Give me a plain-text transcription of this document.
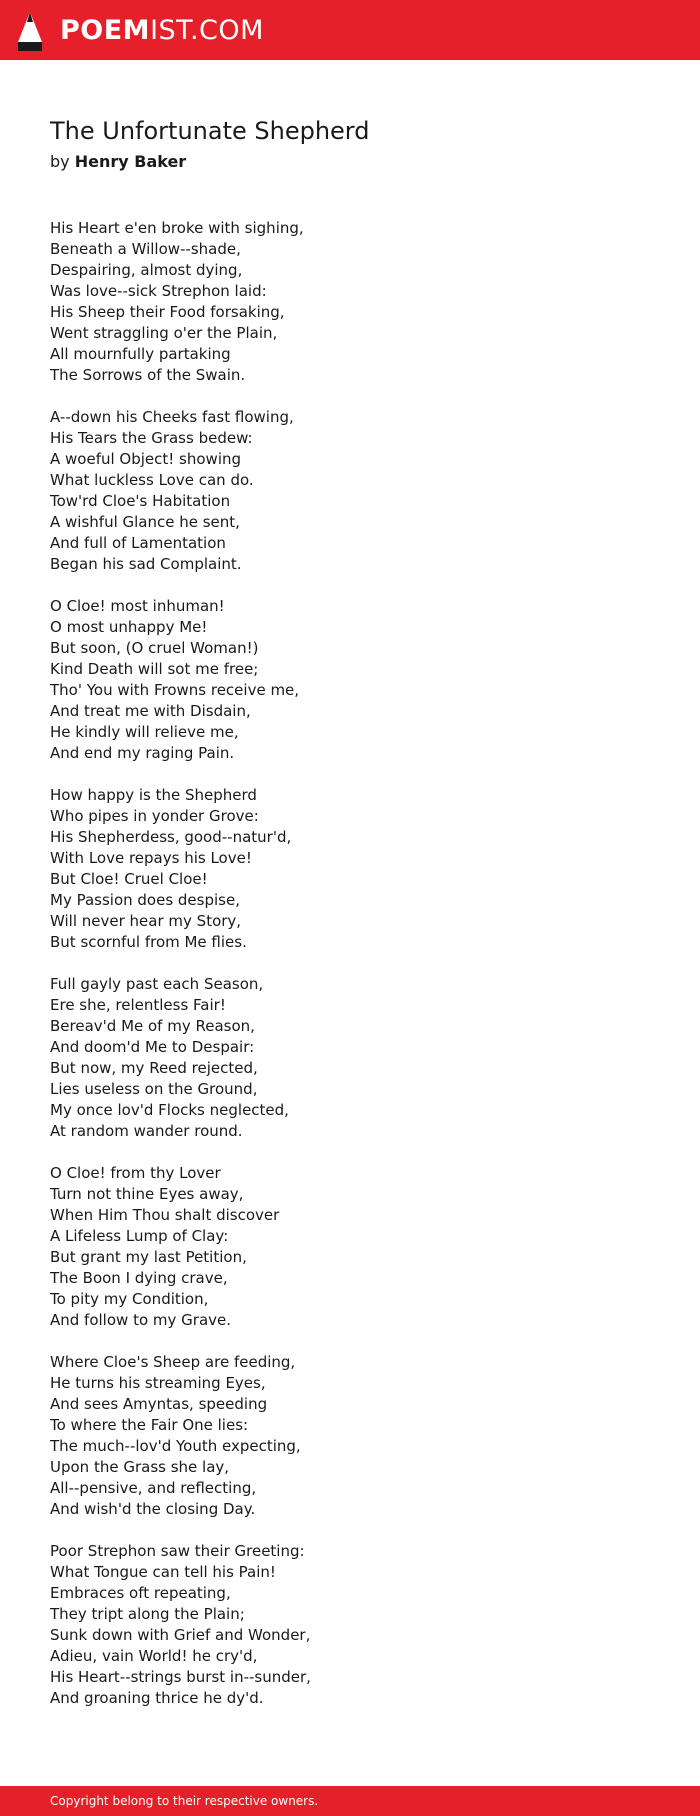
POEMIST.COM
The Unfortunate Shepherd

by Henry Baker

His Heart e'en broke with sighing,
Beneath a Willow--shade,
Despairing, almost dying,
Was love--sick Strephon laid:
His Sheep their Food forsaking,
Went straggling o'er the Plain,
All mournfully partaking
The Sorrows of the Swain.

A--down his Cheeks fast flowing,
His Tears the Grass bedew:
A woeful Object! showing
What luckless Love can do.
Tow'rd Cloe's Habitation
A wishful Glance he sent,
And full of Lamentation
Began his sad Complaint.

O Cloe! most inhuman!
O most unhappy Me!
But soon, (O cruel Woman!)
Kind Death will sot me free;
Tho' You with Frowns receive me,
And treat me with Disdain,
He kindly will relieve me,
And end my raging Pain.

How happy is the Shepherd
Who pipes in yonder Grove:
His Shepherdess, good--natur'd,
With Love repays his Love!
But Cloe! Cruel Cloe!
My Passion does despise,
Will never hear my Story,
But scornful from Me flies.

Full gayly past each Season,
Ere she, relentless Fair!
Bereav'd Me of my Reason,
And doom'd Me to Despair:
But now, my Reed rejected,
Lies useless on the Ground,
My once lov'd Flocks neglected,
At random wander round.

O Cloe! from thy Lover
Turn not thine Eyes away,
When Him Thou shalt discover
A Lifeless Lump of Clay:
But grant my last Petition,
The Boon I dying crave,
To pity my Condition,
And follow to my Grave.

Where Cloe's Sheep are feeding,
He turns his streaming Eyes,
And sees Amyntas, speeding
To where the Fair One lies:
The much--lov'd Youth expecting,
Upon the Grass she lay,
All--pensive, and reflecting,
And wish'd the closing Day.

Poor Strephon saw their Greeting:
What Tongue can tell his Pain!
Embraces oft repeating,
They tript along the Plain;
Sunk down with Grief and Wonder,
Adieu, vain World! he cry'd,
His Heart--strings burst in--sunder,
And groaning thrice he dy'd.

Copyright belong to their respective owners.
